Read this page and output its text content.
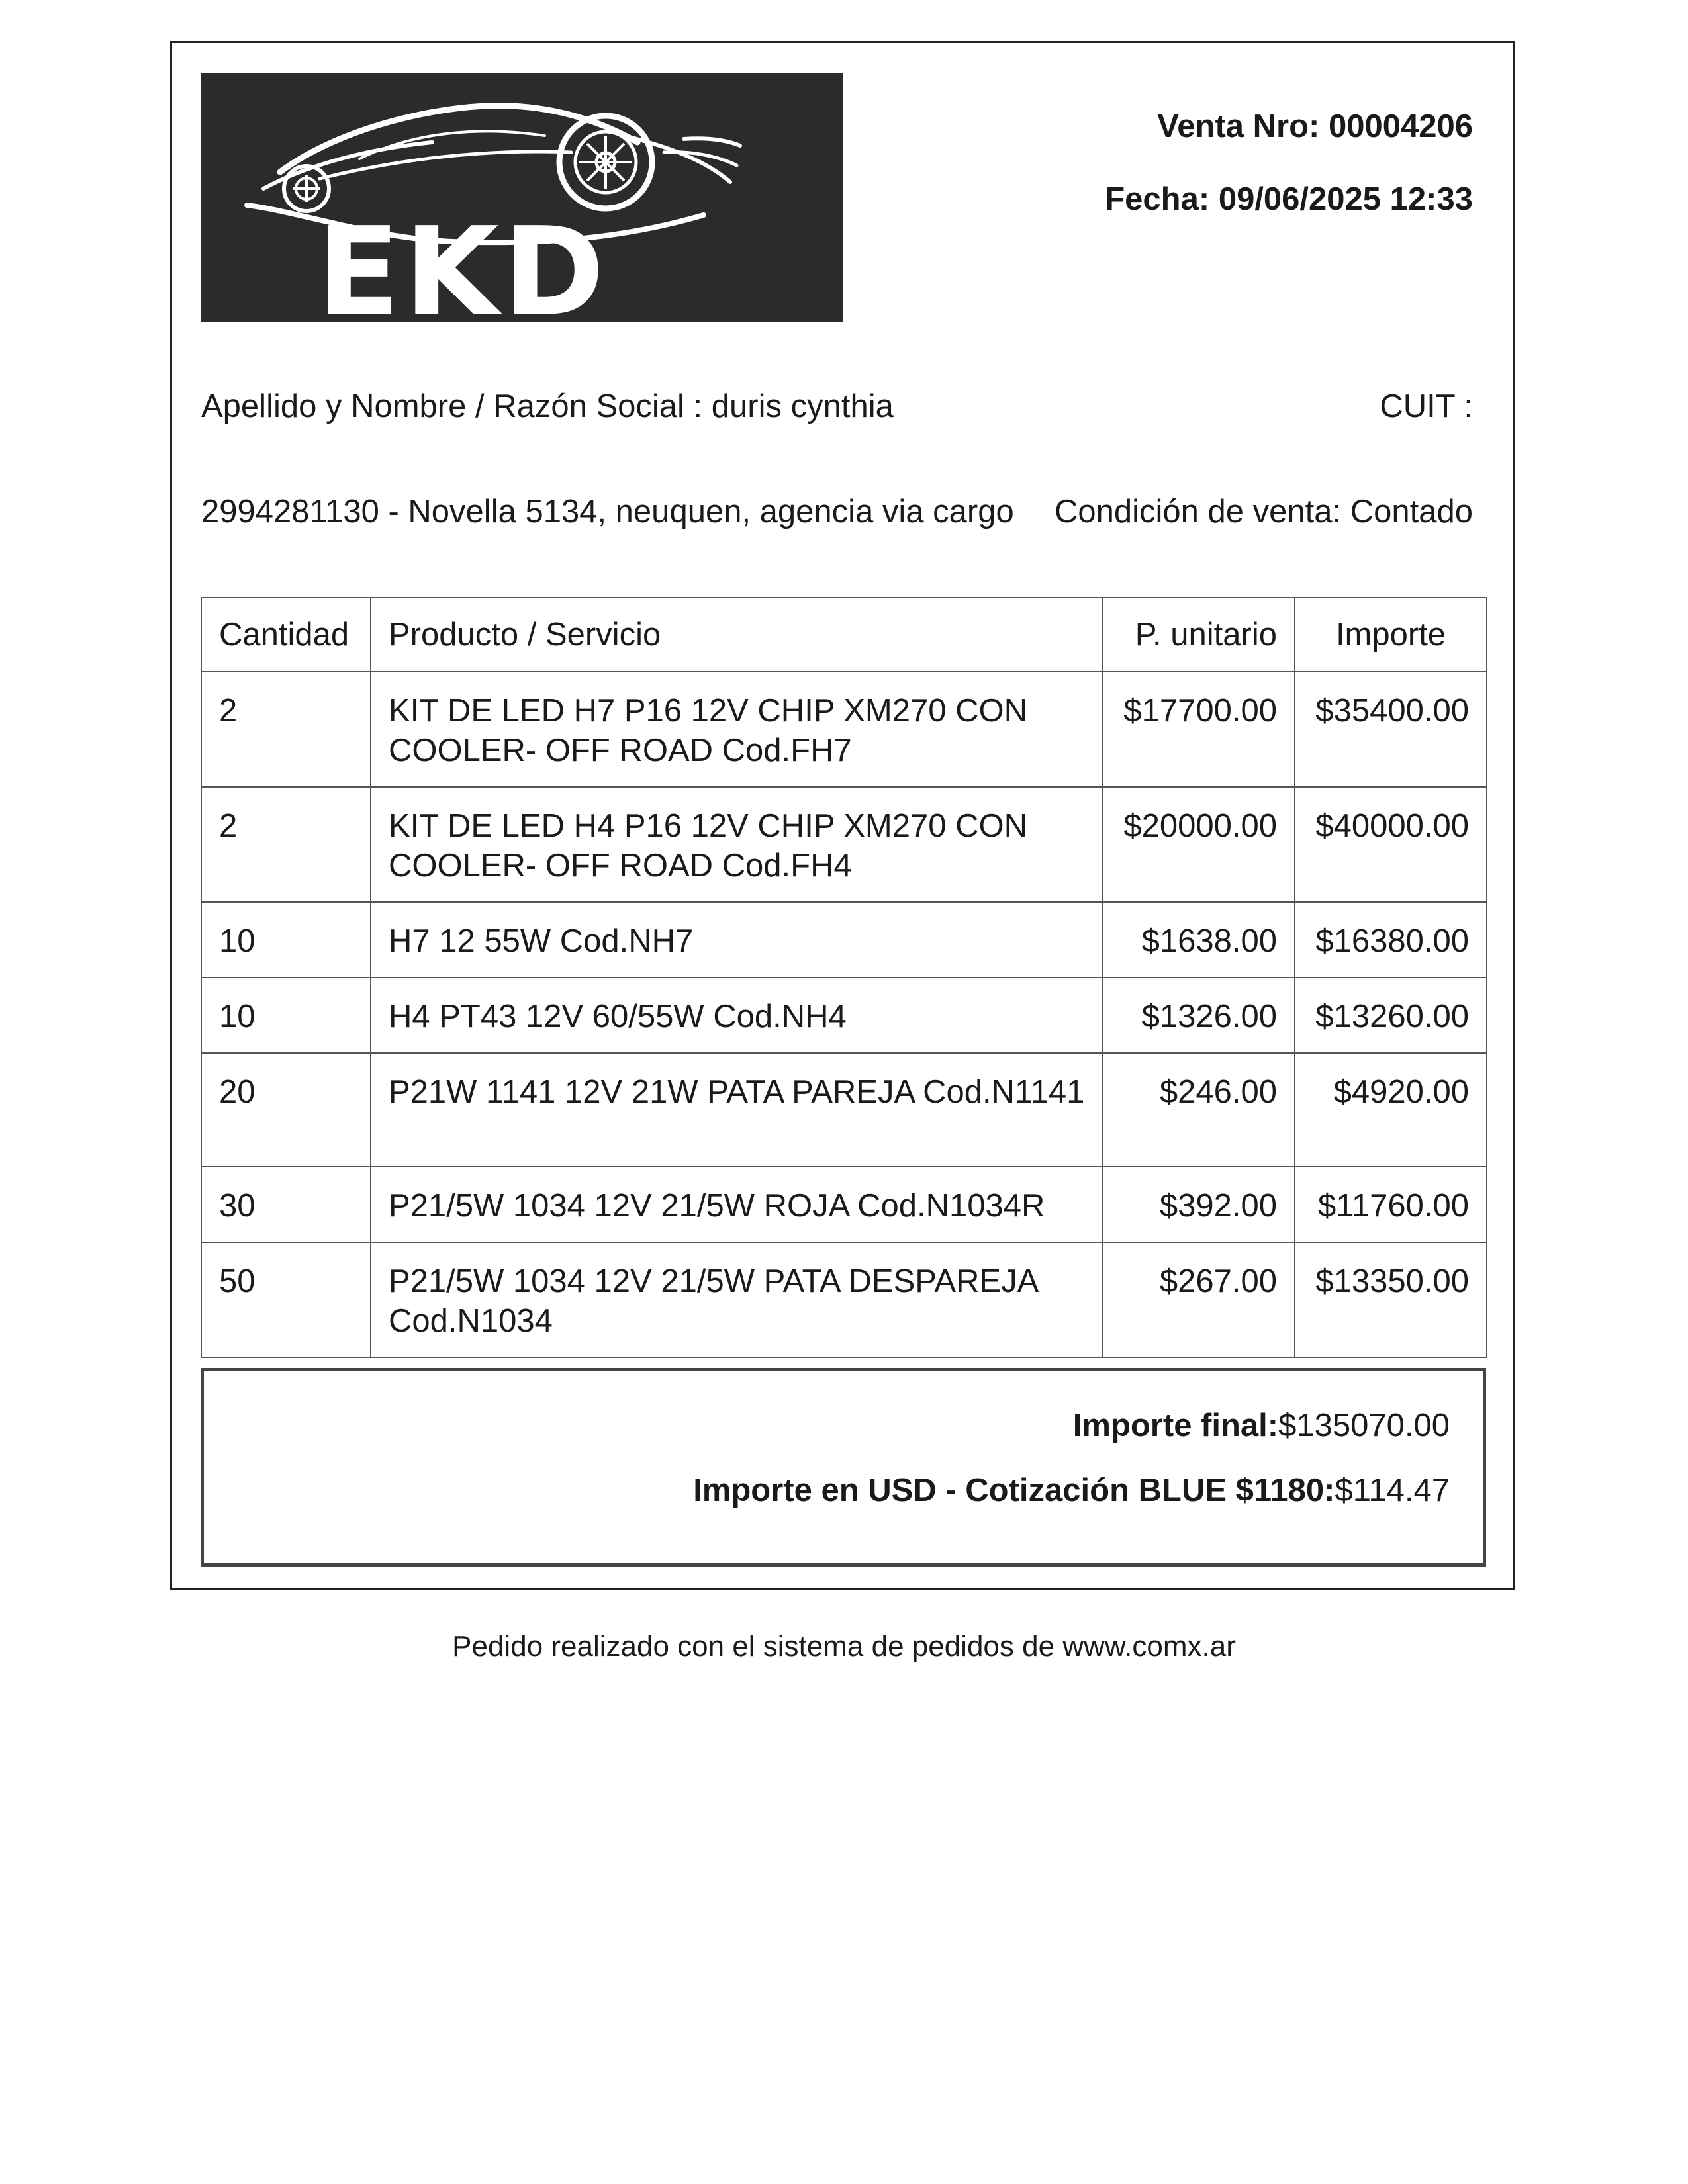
EKD
Venta Nro: 00004206
Fecha: 09/06/2025 12:33
Apellido y Nombre / Razón Social : duris cynthia	CUIT :
2994281130 - Novella 5134, neuquen, agencia via cargo Condición de venta: Contado
Cantidad	Producto / Servicio	P. unitario	Importe
2	KIT DE LED H7 P16 12V CHIP XM270 CON COOLER- OFF ROAD Cod.FH7	$17700.00	$35400.00
2	KIT DE LED H4 P16 12V CHIP XM270 CON COOLER- OFF ROAD Cod.FH4	$20000.00	$40000.00
10	H7 12 55W Cod.NH7	$1638.00	$16380.00
10	H4 PT43 12V 60/55W Cod.NH4	$1326.00	$13260.00
20	P21W 1141 12V 21W PATA PAREJA Cod.N1141	$246.00	$4920.00
30	P21/5W 1034 12V 21/5W ROJA Cod.N1034R	$392.00	$11760.00
50	P21/5W 1034 12V 21/5W PATA DESPAREJA Cod.N1034	$267.00	$13350.00
Importe final:$135070.00
Importe en USD - Cotización BLUE $1180:$114.47
Pedido realizado con el sistema de pedidos de www.comx.ar
